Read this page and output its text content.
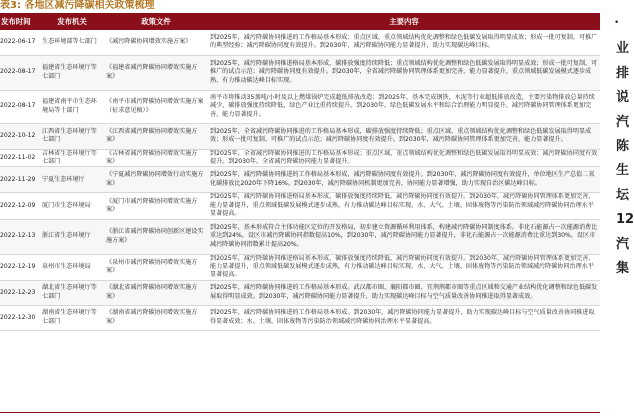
表3: 各地区减污降碳相关政策梳理
发布时间	发布机关	政策文件	主要内容
2022-06-17	生态环境部等七部门	《减污降碳协同增效实施方案》	到2025年，减污降碳协同推进的工作格局基本形成；重点区域、重点领域结构优化调整和绿色低碳发展取得明显成效；形成一批可复制、可推广的典型经验；减污降碳协同度有效提升。到2030年，减污降碳协同能力显著提升，助力实现碳达峰目标。
2022-08-17	福建省生态环境厅等七部门	《福建省减污降碳协同增效实施方案》	到2025年，减污降碳协同推进格局基本形成，碳排放强度持续降低；重点领域结构优化调整和绿色低碳发展取得明显成效；形成一批可复制、可推广的试点示范；减污降碳协同度有效提升。到2030年，全省减污降碳协同管理体系更加完善，能力显著提升，重点领域低碳发展模式逐步成熟，有力推动碳达峰目标实现。
2022-08-17	福建省南平市生态环境局等十部门	《南平市减污降碳协同增效实施方案（征求意见稿）》	南平市将推动35蒸吨/小时及以上燃煤锅炉完成超低排放改造；到2025年，基本完成钢铁、水泥等行业超低排放改造，主要污染物排放总量持续减少，碳排放强度持续降低，绿色产业比重持续提升。到2030年，绿色低碳发展水平和综合治理能力明显提升，减污降碳协同管理体系更加完善，能力显著提升。
2022-10-12	江西省生态环境厅等七部门	《江西省减污降碳协同增效实施方案》	到2025年，全省减污降碳协同推进的工作格局基本形成，碳排放强度持续降低；重点区域、重点领域结构优化调整和绿色低碳发展取得明显成效；形成一批可复制、可推广的试点示范；减污降碳协同度有效提升。到2030年，减污降碳协同管理体系更加完善，能力显著提升。
2022-11-02	吉林省生态环境厅等七部门	《吉林省减污降碳协同增效实施方案》	到2025年，全省减污降碳协同推进的工作格局基本形成；重点区域、重点领域结构优化调整和绿色低碳发展取得明显成效；减污降碳协同度有效提升。到2030年，全省减污降碳协同能力显著提升。
2022-11-29	宁夏生态环境厅	《宁夏减污降碳协同增效行动实施方案》	到2025年，减污降碳协同推进的工作格局基本形成，减污降碳协同度有效提升。到2030年，减污降碳协同度有效提升，单位地区生产总值二氧化碳排放比2020年下降16%。到2030年，减污降碳协同机制更加完善、协同能力显著增强，助力实现自治区碳达峰目标。
2022-12-09	厦门市生态环境局	《厦门市减污降碳协同增效实施方案》	到2025年，减污降碳协同推进格局基本形成，碳排放强度持续降低，减污降碳协同度有效提升。到2030年，减污降碳协同管理体系更加完善、能力显著提升，重点领域低碳发展模式逐步成熟，有力推动碳达峰目标实现。水、大气、土壤、固体废物等污染防治领域减污降碳协同治理水平显著提高。
2022-12-13	浙江省生态环境厅	《浙江省减污降碳协同创新区建设实施方案》	到2025年，基本形成符合主体功能区定位的开发格局，初步建立资源循环利用体系，构建减污降碳协同制度体系。非化石能源占一次能源消费比重达到24%，设区市减污降碳协同指数提高10%，到2030年，减污降碳协同能力显著提升，非化石能源占一次能源消费比重达到30%，设区市减污降碳协同指数累计提高20%。
2022-12-19	泉州市生态环境局	《泉州市减污降碳协同增效实施方案》	到2025年，减污降碳协同推进格局基本形成，碳排放强度持续降低，减污降碳协同度有效提升。到2030年，减污降碳协同管理体系更加完善、能力显著提升，重点领域低碳发展模式逐步成熟，有力推动碳达峰目标实现。水、大气、土壤、固体废物等污染防治领域减污降碳协同治理水平显著提高。
2022-12-23	湖北省生态环境厅等七部门	《湖北省减污降碳协同增效实施方案》	到2025年，减污降碳协同推进的工作格局基本形成。武汉都市圈、襄阳都市圈、宜荆荆都市圈等重点区域和交通产业结构优化调整和绿色低碳发展取得明显成效。到2030年，减污降碳协同能力显著提升，助力实现碳达峰目标与空气质量改善协同推进取得显著成效。
2022-12-30	湖南省生态环境厅等七部门	《湖南省减污降碳协同增效实施方案》	到2025年，减污降碳协同推进的工作格局基本形成。到2030年，减污降碳协同能力显著提升，助力实现碳达峰目标与空气质量改善协同推进取得显著成效；水、土壤、固体废物等污染防治领域减污降碳协同治理水平显著提高。
•
业
排
说
汽
陈
生
坛
12
汽
集
